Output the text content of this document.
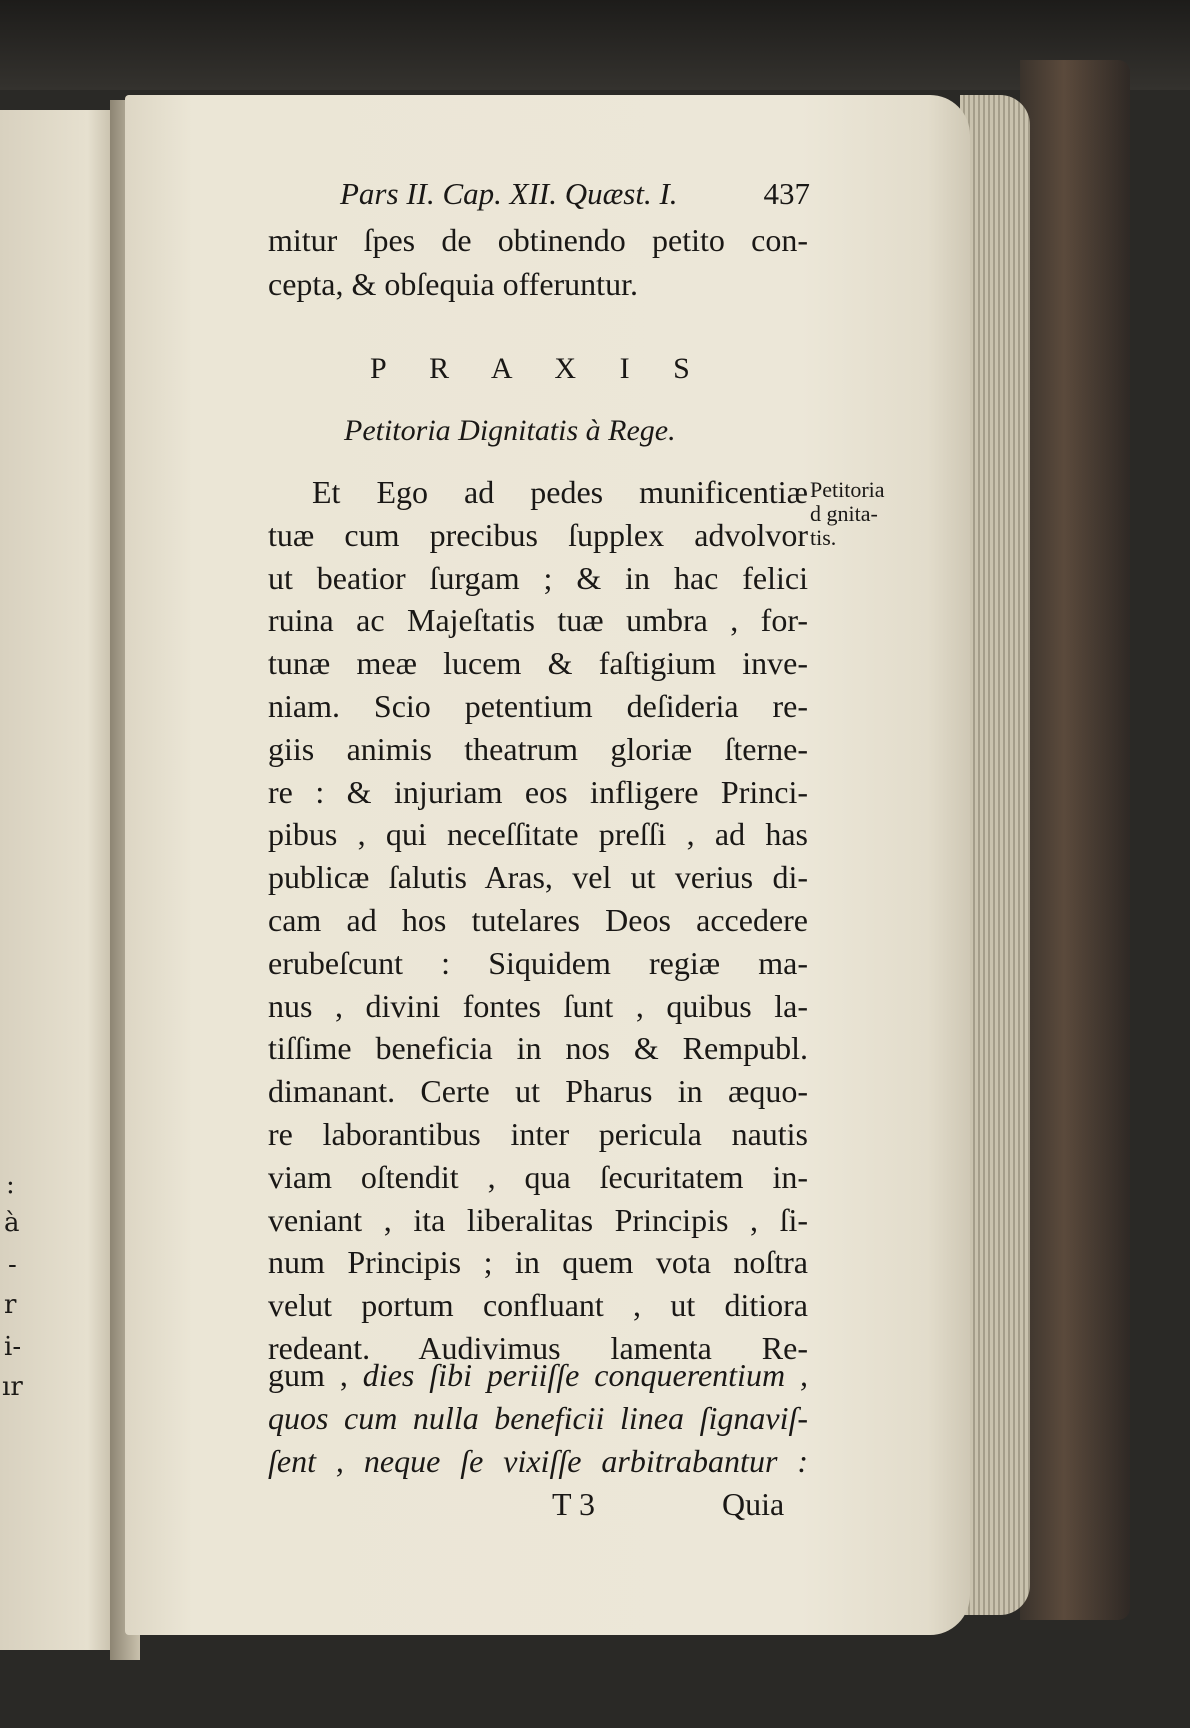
:
à
-
r
i-
ır
Pars II. Cap. XII. Quæst. I.	437
mitur ſpes de obtinendo petito con-
cepta, & obſequia offeruntur.
P R A X I S
Petitoria Dignitatis à Rege.
Et Ego ad pedes munificentiæ
tuæ cum precibus ſupplex advolvor
ut beatior ſurgam ; & in hac felici
ruina ac Majeſtatis tuæ umbra , for-
tunæ meæ lucem & faſtigium inve-
niam. Scio petentium deſideria re-
giis animis theatrum gloriæ ſterne-
re : & injuriam eos infligere Princi-
pibus , qui neceſſitate preſſi , ad has
publicæ ſalutis Aras, vel ut verius di-
cam ad hos tutelares Deos accedere
erubeſcunt : Siquidem regiæ ma-
nus , divini fontes ſunt , quibus la-
tiſſime beneficia in nos & Rempubl.
dimanant. Certe ut Pharus in æquo-
re laborantibus inter pericula nautis
viam oſtendit , qua ſecuritatem in-
veniant , ita liberalitas Principis , ſi-
num Principis ; in quem vota noſtra
velut portum confluant , ut ditiora
redeant. Audivimus lamenta Re-
gum , dies ſibi periiſſe conquerentium ,
quos cum nulla beneficii linea ſignaviſ-
ſent , neque ſe vixiſſe arbitrabantur :
Petitoria
d gnita-
tis.
T 3	Quia
